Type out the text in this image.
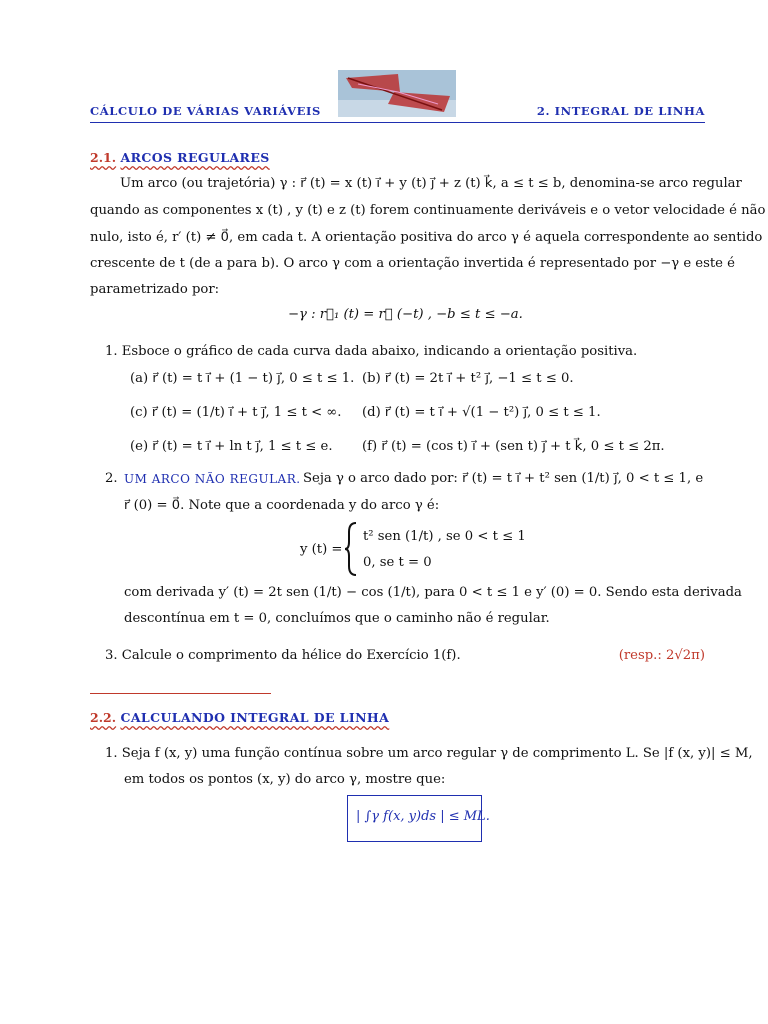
CÁLCULO DE VÁRIAS VARIÁVEIS	2. INTEGRAL DE LINHA
2.1. ARCOS REGULARES
Um arco (ou trajetória) γ : r⃗ (t) = x (t) i⃗ + y (t) j⃗ + z (t) k⃗, a ≤ t ≤ b, denomina-se arco regular
quando as componentes x (t) , y (t) e z (t) forem continuamente deriváveis e o vetor velocidade é não
nulo, isto é, r′ (t) ≠ 0⃗, em cada t. A orientação positiva do arco γ é aquela correspondente ao sentido
crescente de t (de a para b). O arco γ com a orientação invertida é representado por −γ e este é
parametrizado por:
−γ : r⃗₁ (t) = r⃗ (−t) , −b ≤ t ≤ −a.
1. Esboce o gráfico de cada curva dada abaixo, indicando a orientação positiva.
(a) r⃗ (t) = t i⃗ + (1 − t) j⃗, 0 ≤ t ≤ 1. (b) r⃗ (t) = 2t i⃗ + t² j⃗, −1 ≤ t ≤ 0.
(c) r⃗ (t) = (1/t) i⃗ + t j⃗, 1 ≤ t < ∞. (d) r⃗ (t) = t i⃗ + √(1 − t²) j⃗, 0 ≤ t ≤ 1.
(e) r⃗ (t) = t i⃗ + ln t j⃗, 1 ≤ t ≤ e. (f) r⃗ (t) = (cos t) i⃗ + (sen t) j⃗ + t k⃗, 0 ≤ t ≤ 2π.
2. UM ARCO NÃO REGULAR. Seja γ o arco dado por: r⃗ (t) = t i⃗ + t² sen (1/t) j⃗, 0 < t ≤ 1, e
r⃗ (0) = 0⃗. Note que a coordenada y do arco γ é:
y (t) =
t² sen (1/t) , se 0 < t ≤ 1
0, se t = 0
com derivada y′ (t) = 2t sen (1/t) − cos (1/t), para 0 < t ≤ 1 e y′ (0) = 0. Sendo esta derivada
descontínua em t = 0, concluímos que o caminho não é regular.
3. Calcule o comprimento da hélice do Exercício 1(f).	(resp.: 2√2π)
2.2. CALCULANDO INTEGRAL DE LINHA
1. Seja f (x, y) uma função contínua sobre um arco regular γ de comprimento L. Se |f (x, y)| ≤ M,
em todos os pontos (x, y) do arco γ, mostre que:
| ∫γ f(x, y)ds | ≤ ML.
